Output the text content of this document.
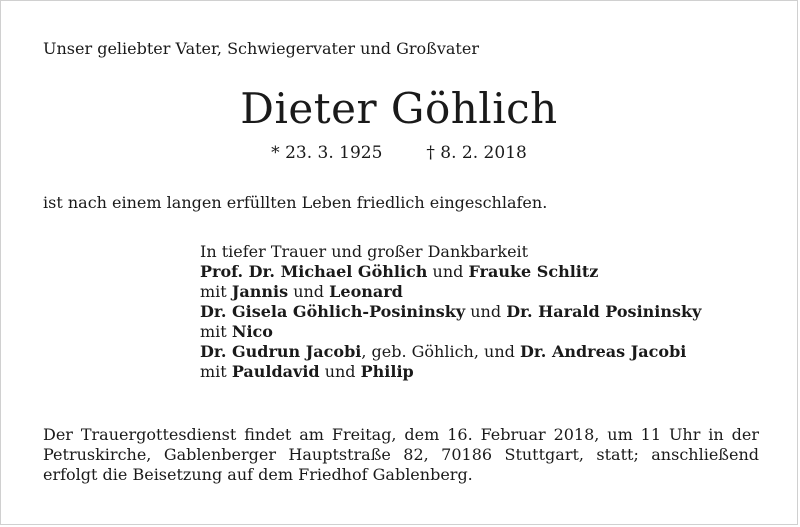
Unser geliebter Vater, Schwiegervater und Großvater
Dieter Göhlich
* 23. 3. 1925	† 8. 2. 2018
ist nach einem langen erfüllten Leben friedlich eingeschlafen.
In tiefer Trauer und großer Dankbarkeit
Prof. Dr. Michael Göhlich und Frauke Schlitz
mit Jannis und Leonard
Dr. Gisela Göhlich-Posininsky und Dr. Harald Posininsky
mit Nico
Dr. Gudrun Jacobi, geb. Göhlich, und Dr. Andreas Jacobi
mit Pauldavid und Philip
Der Trauergottesdienst findet am Freitag, dem 16. Februar 2018, um 11 Uhr in der Petruskirche, Gablenberger Hauptstraße 82, 70186 Stuttgart, statt; anschließend erfolgt die Beisetzung auf dem Friedhof Gablenberg.
